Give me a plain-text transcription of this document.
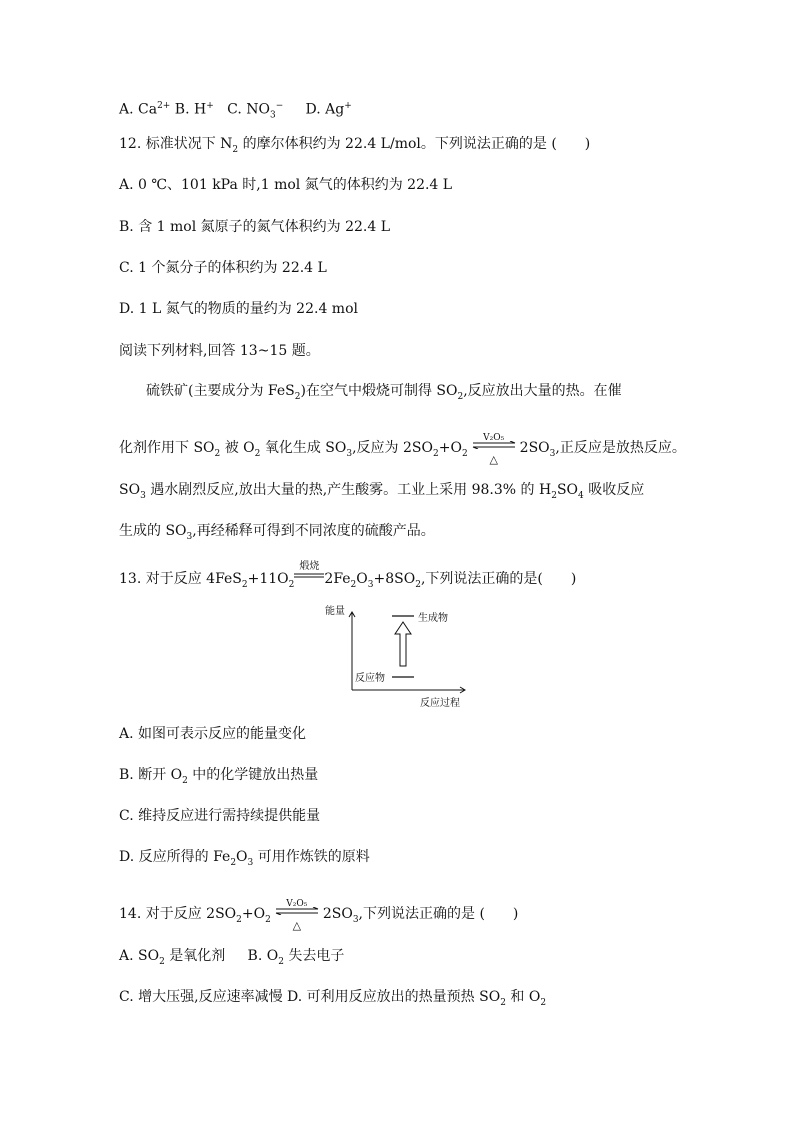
A. $Ca^{2+}$ B. H+ C. $NO_3^-$ D. Ag+
12. 标准状况下 $N_2$ 的摩尔体积约为 22.4 L/mol。下列说法正确的是 (　　)
A. 0 ℃、101 kPa 时,1 mol 氮气的体积约为 22.4 L
B. 含 1 mol 氮原子的氮气体积约为 22.4 L
C. 1 个氮分子的体积约为 22.4 L
D. 1 L 氮气的物质的量约为 22.4 mol
阅读下列材料,回答 13~15 题。
硫铁矿(主要成分为 FeS$_2$)在空气中煅烧可制得 $SO_2$,反应放出大量的热。在催
化剂作用下 $SO_2$ 被 $O_2$ 氧化生成 $SO_3$,反应为 $2SO_2+O_2$
V₂O₅
△
$2SO_3$,正反应是放热反应。
$SO_3$ 遇水剧烈反应,放出大量的热,产生酸雾。工业上采用 98.3% 的 $H_2SO_4$ 吸收反应
生成的 $SO_3$,再经稀释可得到不同浓度的硫酸产品。
13. 对于反应 $4FeS_2+11O_2$
煅烧
$2Fe_2O_3+8SO_2$,下列说法正确的是(　　)
能量
生成物
反应物
反应过程
A. 如图可表示反应的能量变化
B. 断开 $O_2$ 中的化学键放出热量
C. 维持反应进行需持续提供能量
D. 反应所得的 $Fe_2O_3$ 可用作炼铁的原料
14. 对于反应 $2SO_2+O_2$
V₂O₅
△
$2SO_3$,下列说法正确的是 (　　)
A. $SO_2$ 是氧化剂 B. $O_2$ 失去电子
C. 增大压强,反应速率减慢 D. 可利用反应放出的热量预热 $SO_2$ 和 $O_2$
